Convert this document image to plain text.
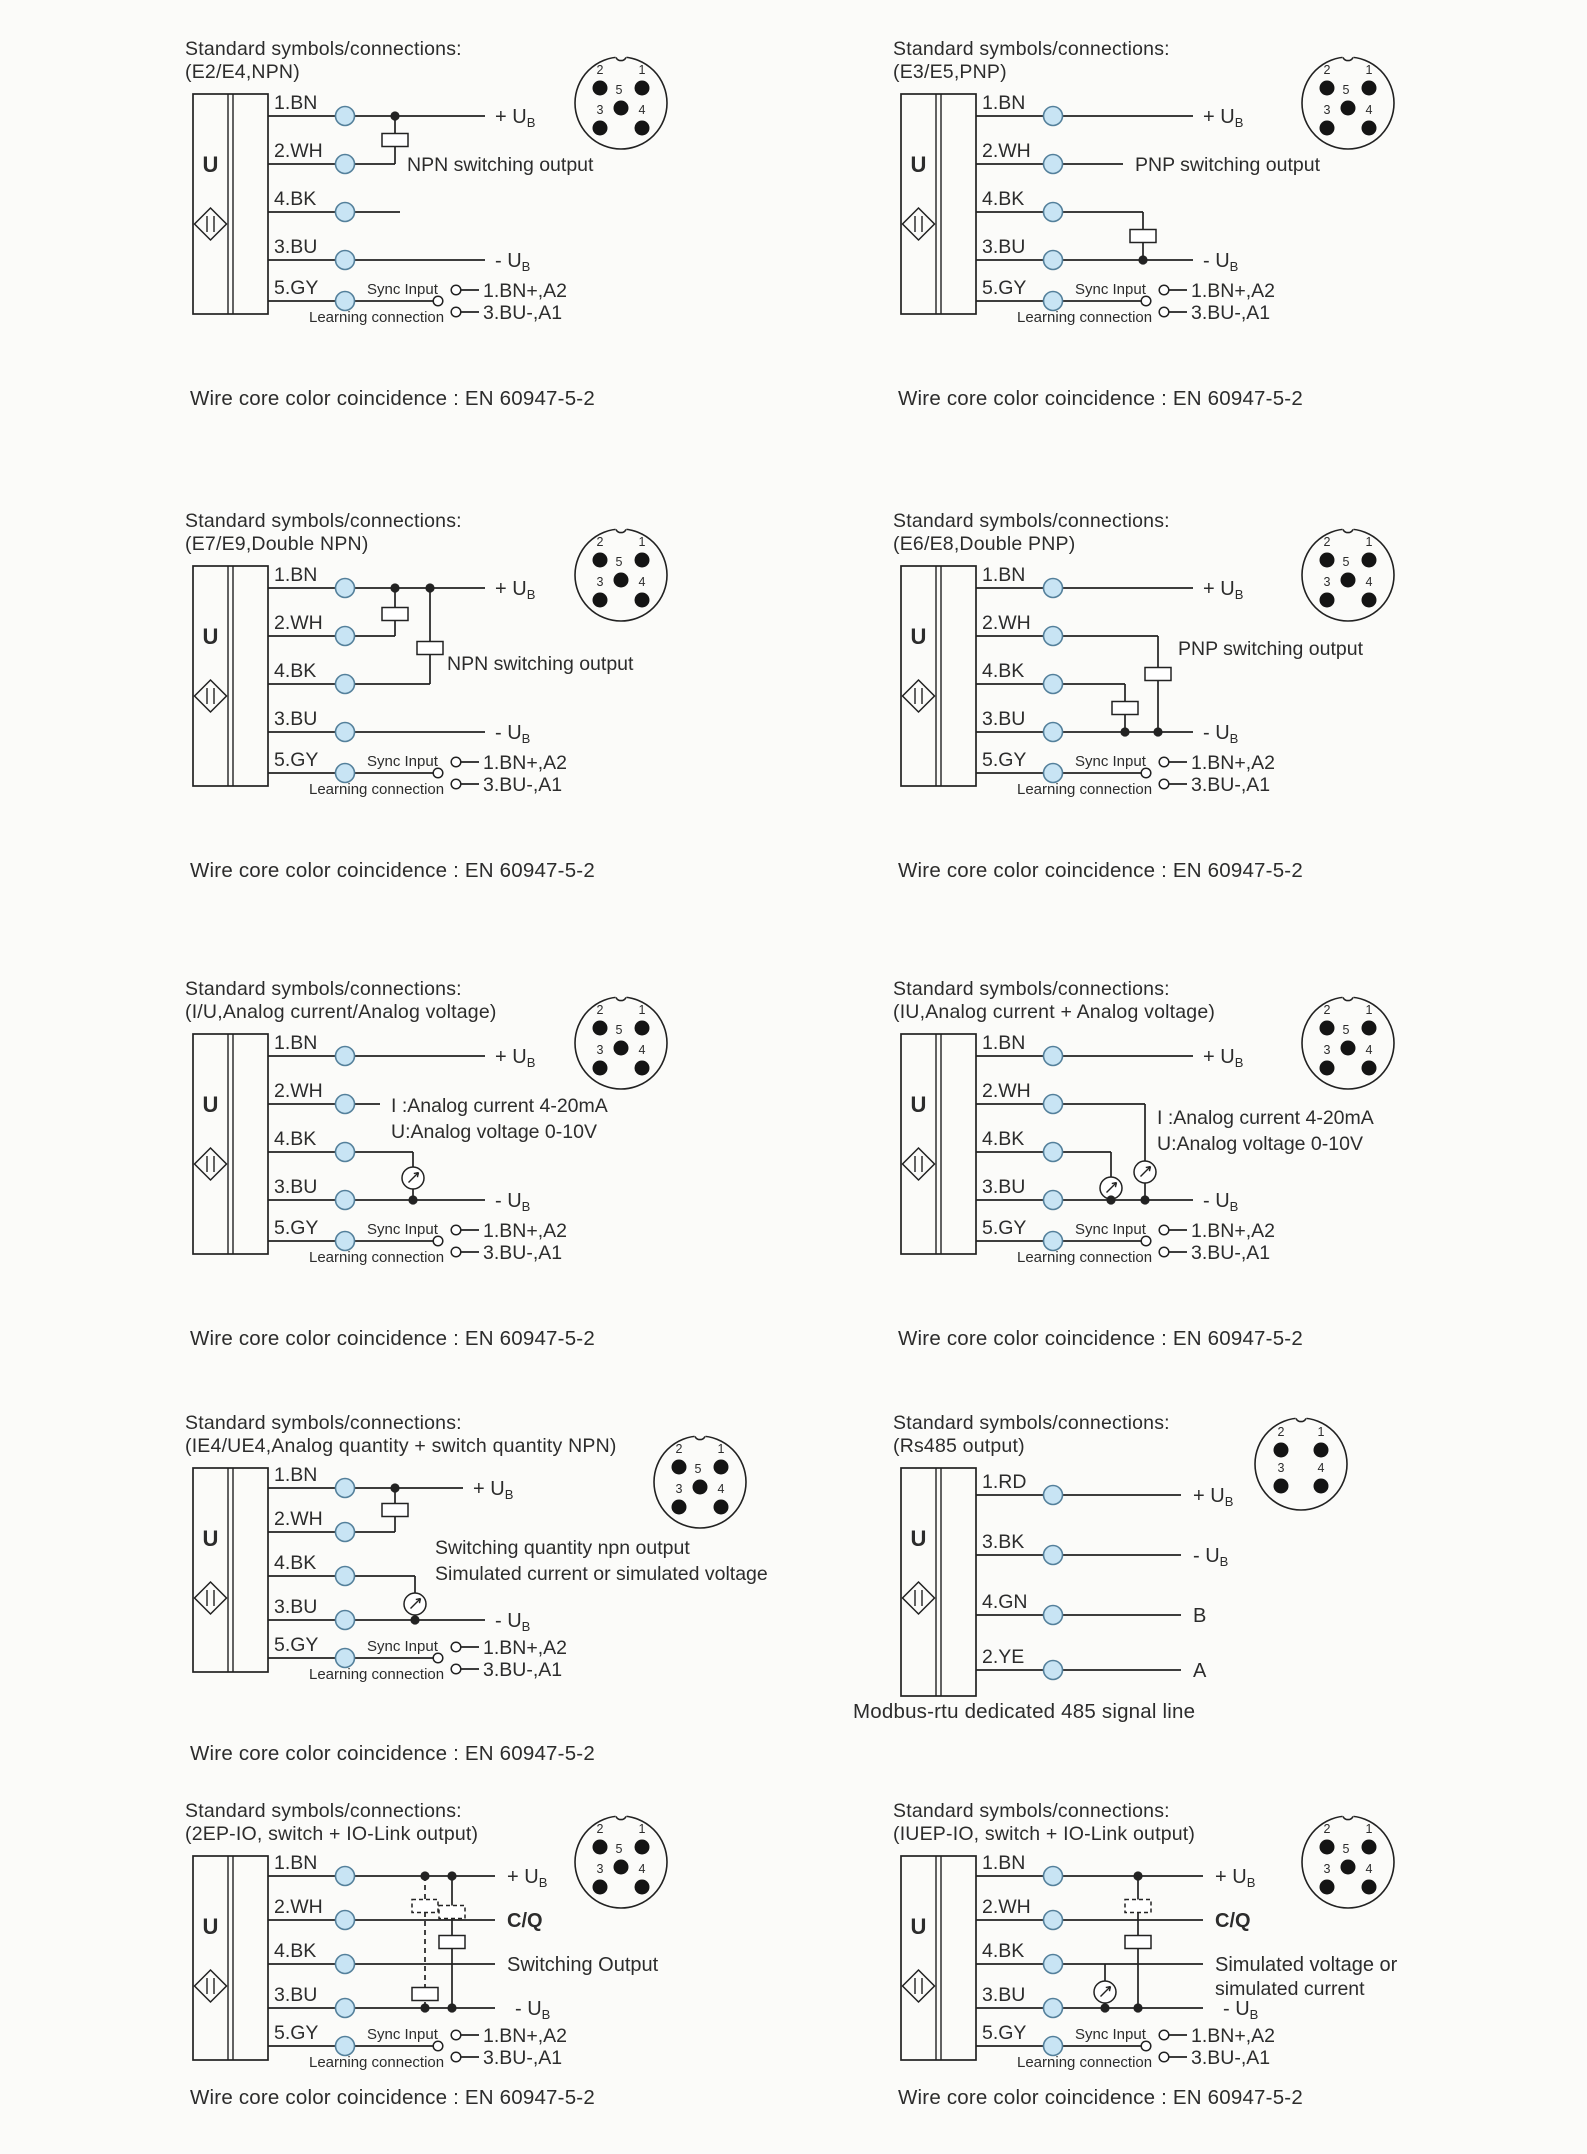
Standard symbols/connections:
(E2/E4,NPN)	2	1
5
3	4
U
1.BN
+ $U_B$
2.WH
4.BK
3.BU
- $U_B$
NPN switching output
5.GY	Sync Input
Learning connection
1.BN+,A2
3.BU-,A1
Wire core color coincidence : EN 60947-5-2
Standard symbols/connections:
(E3/E5,PNP)	2	1
5
3	4
U
1.BN
+ $U_B$
2.WH
4.BK
3.BU
- $U_B$
PNP switching output
5.GY	Sync Input
Learning connection
1.BN+,A2
3.BU-,A1
Wire core color coincidence : EN 60947-5-2
Standard symbols/connections:
(E7/E9,Double NPN)	2	1
5
3	4
U
1.BN
+ $U_B$
2.WH
4.BK
3.BU
- $U_B$
NPN switching output
5.GY	Sync Input
Learning connection
1.BN+,A2
3.BU-,A1
Wire core color coincidence : EN 60947-5-2
Standard symbols/connections:
(E6/E8,Double PNP)	2	1
5
3	4
U
1.BN
+ $U_B$
2.WH
4.BK
3.BU
- $U_B$
PNP switching output
5.GY	Sync Input
Learning connection
1.BN+,A2
3.BU-,A1
Wire core color coincidence : EN 60947-5-2
Standard symbols/connections:
(I/U,Analog current/Analog voltage)	2	1
5
3	4
U
1.BN
+ $U_B$
2.WH
4.BK
3.BU
- $U_B$
I :Analog current 4-20mA
U:Analog voltage 0-10V
5.GY	Sync Input
Learning connection
1.BN+,A2
3.BU-,A1
Wire core color coincidence : EN 60947-5-2
Standard symbols/connections:
(IU,Analog current + Analog voltage)	2	1
5
3	4
U
1.BN
+ $U_B$
2.WH
4.BK
3.BU
- $U_B$
I :Analog current 4-20mA
U:Analog voltage 0-10V
5.GY	Sync Input
Learning connection
1.BN+,A2
3.BU-,A1
Wire core color coincidence : EN 60947-5-2
Standard symbols/connections:
(IE4/UE4,Analog quantity + switch quantity NPN)	2	1
5
3	4
U
1.BN
+ $U_B$
2.WH
4.BK
3.BU
- $U_B$
Switching quantity npn output
Simulated current or simulated voltage
5.GY	Sync Input
Learning connection
1.BN+,A2
3.BU-,A1
Wire core color coincidence : EN 60947-5-2
Standard symbols/connections:
(Rs485 output)
2	1
3	4
U
1.RD
+ $U_B$
3.BK
- $U_B$
4.GN
B
2.YE
A
Modbus-rtu dedicated 485 signal line
Standard symbols/connections:
(2EP-IO, switch + IO-Link output)	2	1
5
3	4
U
1.BN
+ $U_B$
2.WH
C/Q
4.BK
Switching Output
3.BU
- $U_B$
5.GY	Sync Input
Learning connection
1.BN+,A2
3.BU-,A1
Wire core color coincidence : EN 60947-5-2
Standard symbols/connections:
(IUEP-IO, switch + IO-Link output)	2	1
5
3	4
U
1.BN
+ $U_B$
2.WH
C/Q
4.BK
Simulated voltage or
3.BU
- $U_B$
simulated current
5.GY	Sync Input
Learning connection
1.BN+,A2
3.BU-,A1
Wire core color coincidence : EN 60947-5-2
